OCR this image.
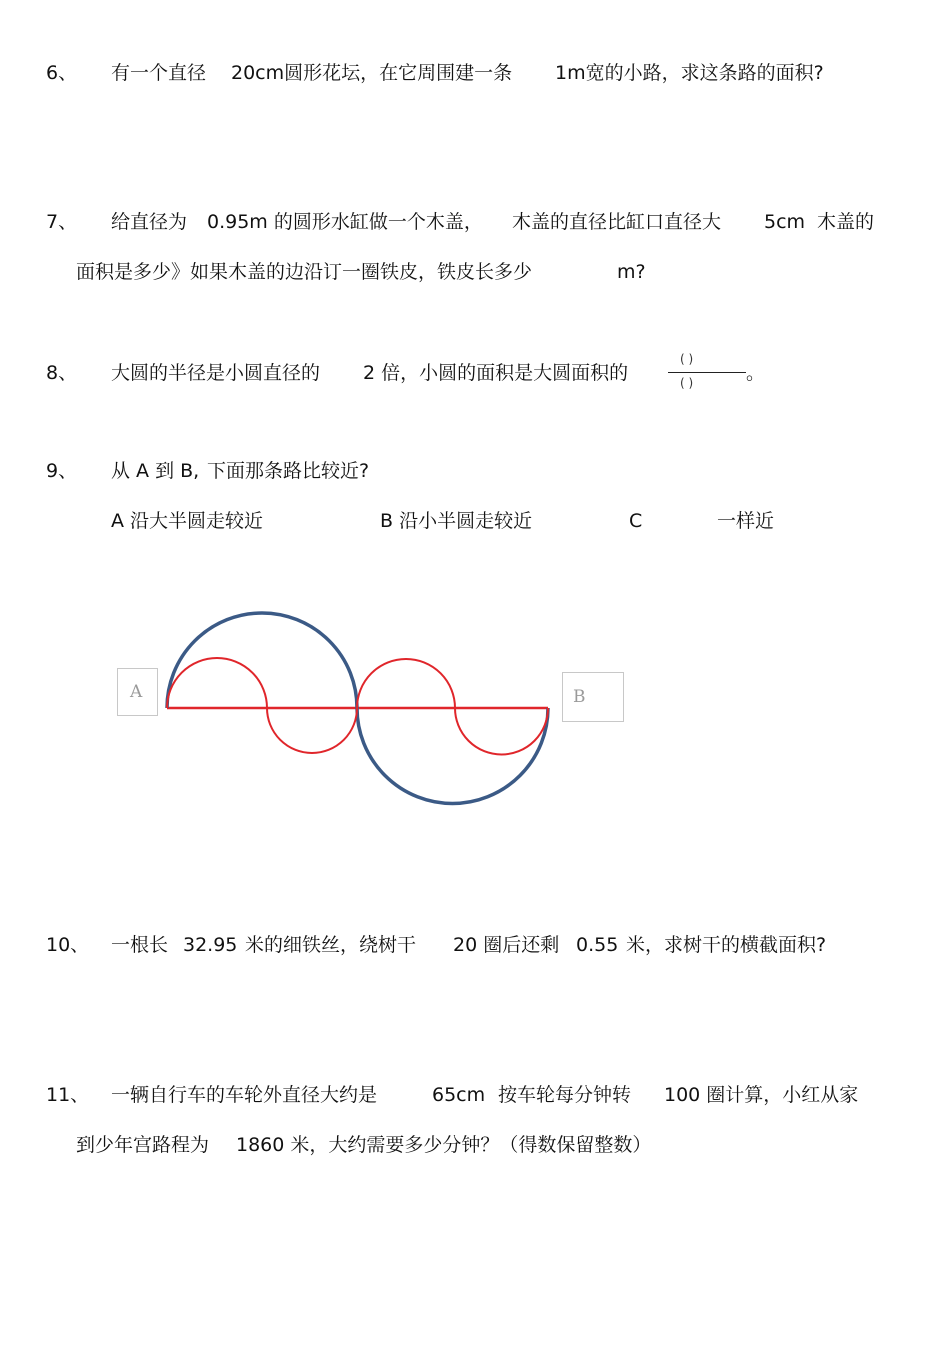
6、 有一个直径 20cm圆形花坛，在它周围建一条 1m宽的小路，求这条路的面积?
7、 给直径为 0.95m 的圆形水缸做一个木盖， 木盖的直径比缸口直径大 5cm 木盖的
面积是多少》如果木盖的边沿订一圈铁皮，铁皮长多少	m?
8、 大圆的半径是小圆直径的 2 倍，小圆的面积是大圆面积的
( )
( )	。
9、 从 A 到 B, 下面那条路比较近?
A 沿大半圆走较近	B 沿小半圆走较近	C	一样近
A	B
10、 一根长 32.95 米的细铁丝，绕树干 20 圈后还剩 0.55 米，求树干的横截面积?
11、 一辆自行车的车轮外直径大约是	65cm 按车轮每分钟转 100 圈计算，小红从家
到少年宫路程为 1860 米，大约需要多少分钟？（得数保留整数）
